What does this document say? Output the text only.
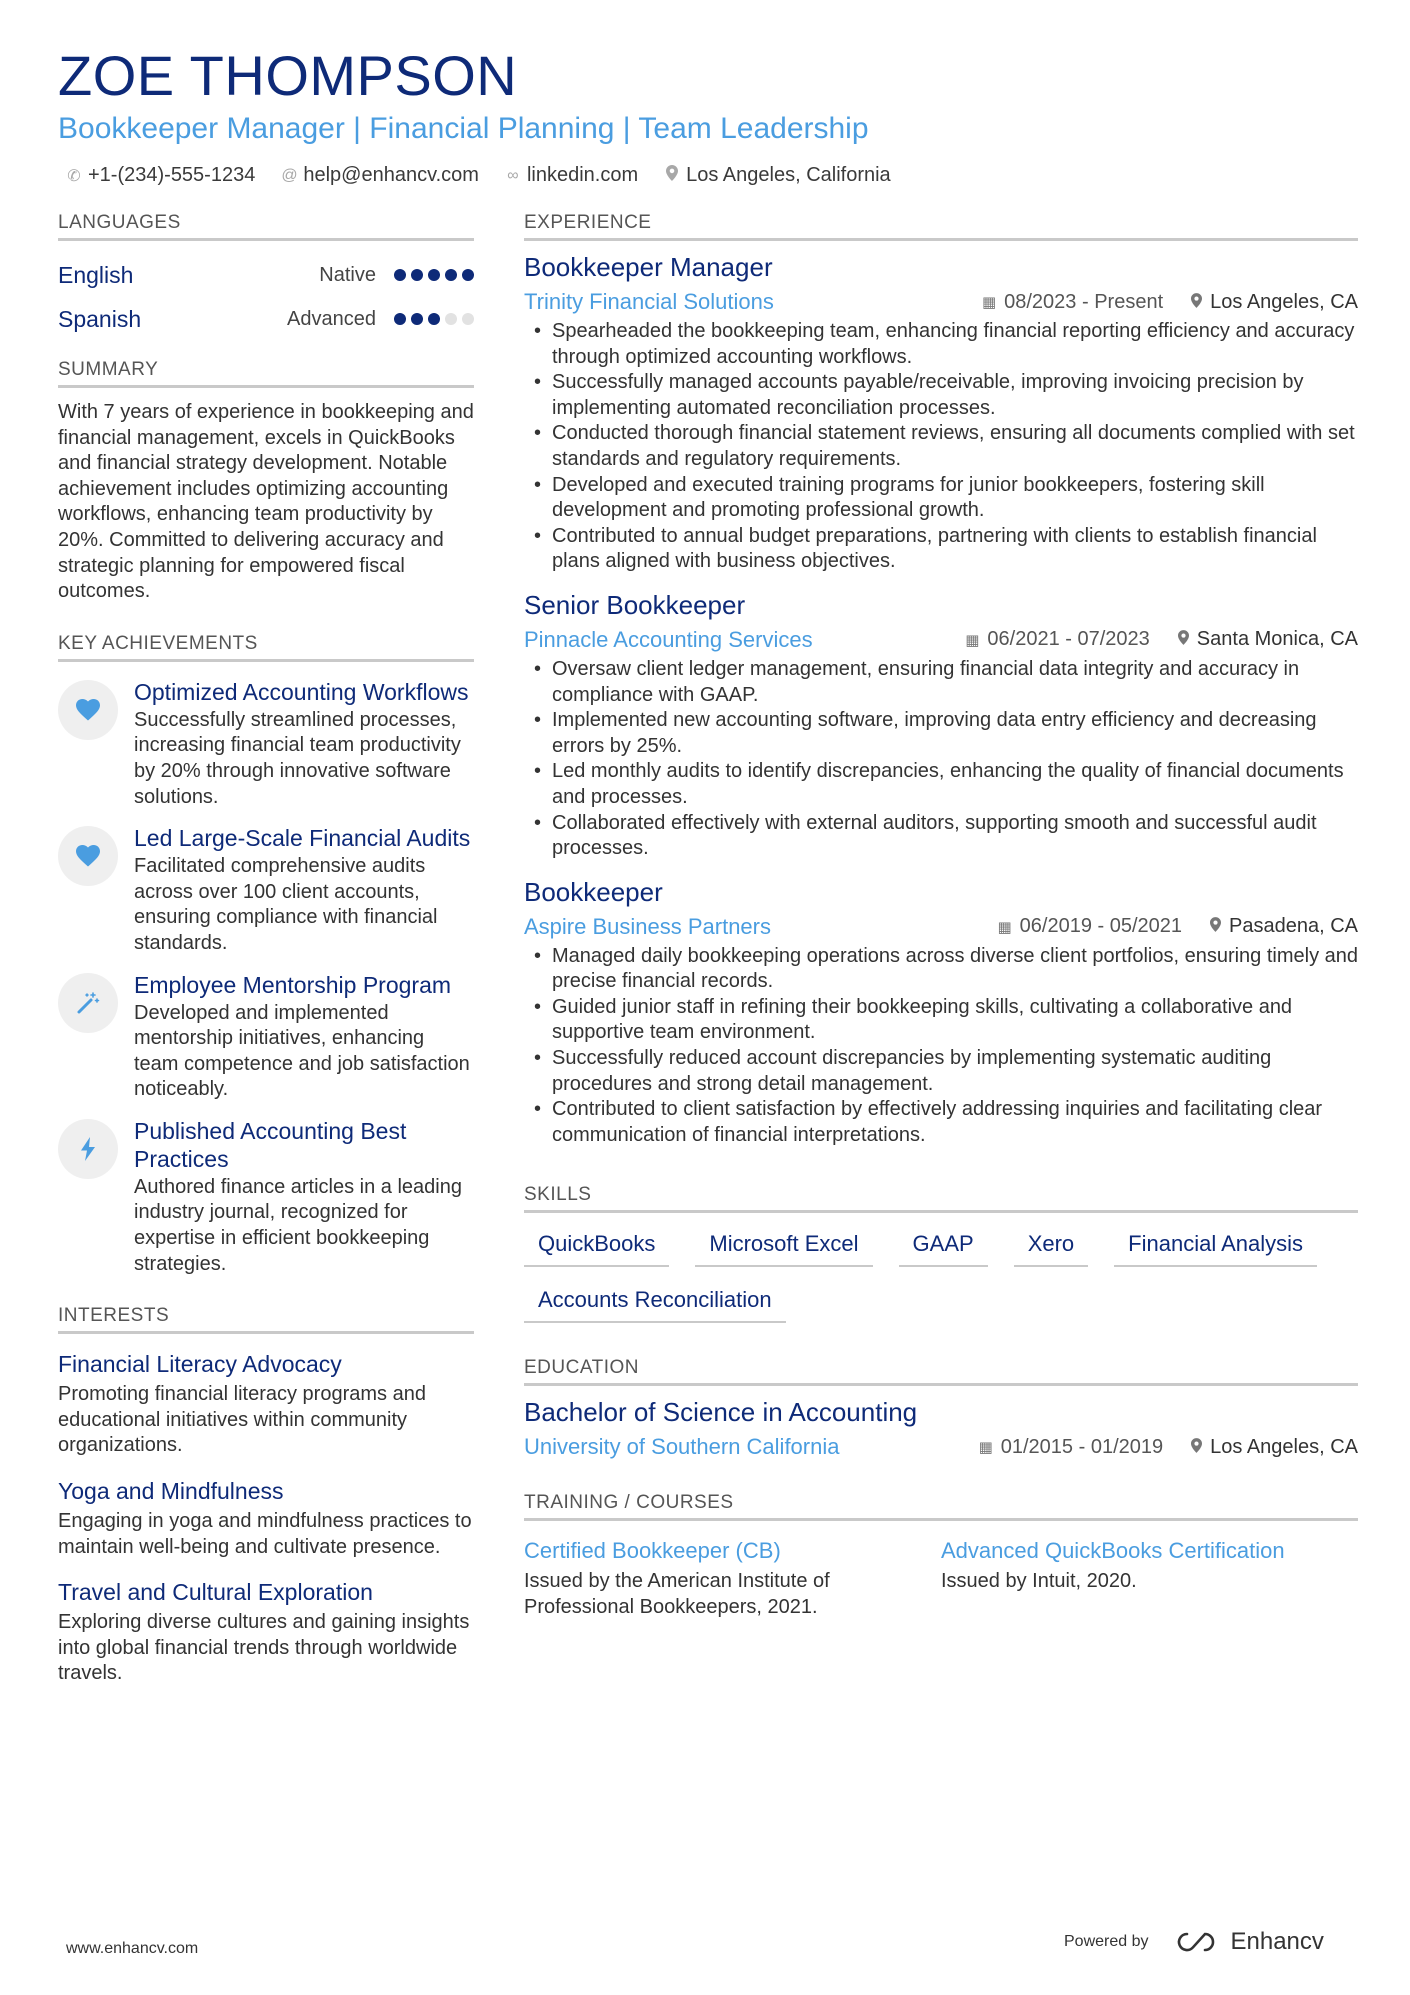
ZOE THOMPSON
Bookkeeper Manager | Financial Planning | Team Leadership
✆ +1-(234)-555-1234 @ help@enhancv.com ∞ linkedin.com Los Angeles, California
LANGUAGES
English	Native
Spanish	Advanced
SUMMARY

With 7 years of experience in bookkeeping and financial management, excels in QuickBooks and financial strategy development. Notable achievement includes optimizing accounting workflows, enhancing team productivity by 20%. Committed to delivering accuracy and strategic planning for empowered fiscal outcomes.

KEY ACHIEVEMENTS
Optimized Accounting Workflows
Successfully streamlined processes, increasing financial team productivity by 20% through innovative software solutions.
Led Large-Scale Financial Audits
Facilitated comprehensive audits across over 100 client accounts, ensuring compliance with financial standards.
Employee Mentorship Program
Developed and implemented mentorship initiatives, enhancing team competence and job satisfaction noticeably.
Published Accounting Best Practices
Authored finance articles in a leading industry journal, recognized for expertise in efficient bookkeeping strategies.
INTERESTS
Financial Literacy Advocacy
Promoting financial literacy programs and educational initiatives within community organizations.
Yoga and Mindfulness
Engaging in yoga and mindfulness practices to maintain well-being and cultivate presence.
Travel and Cultural Exploration
Exploring diverse cultures and gaining insights into global financial trends through worldwide travels.
EXPERIENCE
Bookkeeper Manager
Trinity Financial Solutions	▦ 08/2023 - Present Los Angeles, CA
• Spearheaded the bookkeeping team, enhancing financial reporting efficiency and accuracy through optimized accounting workflows.
• Successfully managed accounts payable/receivable, improving invoicing precision by implementing automated reconciliation processes.
• Conducted thorough financial statement reviews, ensuring all documents complied with set standards and regulatory requirements.
• Developed and executed training programs for junior bookkeepers, fostering skill development and promoting professional growth.
• Contributed to annual budget preparations, partnering with clients to establish financial plans aligned with business objectives.
Senior Bookkeeper
Pinnacle Accounting Services	▦ 06/2021 - 07/2023 Santa Monica, CA
• Oversaw client ledger management, ensuring financial data integrity and accuracy in compliance with GAAP.
• Implemented new accounting software, improving data entry efficiency and decreasing errors by 25%.
• Led monthly audits to identify discrepancies, enhancing the quality of financial documents and processes.
• Collaborated effectively with external auditors, supporting smooth and successful audit processes.
Bookkeeper
Aspire Business Partners	▦ 06/2019 - 05/2021 Pasadena, CA
• Managed daily bookkeeping operations across diverse client portfolios, ensuring timely and precise financial records.
• Guided junior staff in refining their bookkeeping skills, cultivating a collaborative and supportive team environment.
• Successfully reduced account discrepancies by implementing systematic auditing procedures and strong detail management.
• Contributed to client satisfaction by effectively addressing inquiries and facilitating clear communication of financial interpretations.
SKILLS
QuickBooks	Microsoft Excel	GAAP	Xero	Financial Analysis
Accounts Reconciliation
EDUCATION
Bachelor of Science in Accounting
University of Southern California	▦ 01/2015 - 01/2019 Los Angeles, CA
TRAINING / COURSES
Certified Bookkeeper (CB)
Issued by the American Institute of Professional Bookkeepers, 2021.
Advanced QuickBooks Certification
Issued by Intuit, 2020.
www.enhancv.com	Powered by	Enhancv
